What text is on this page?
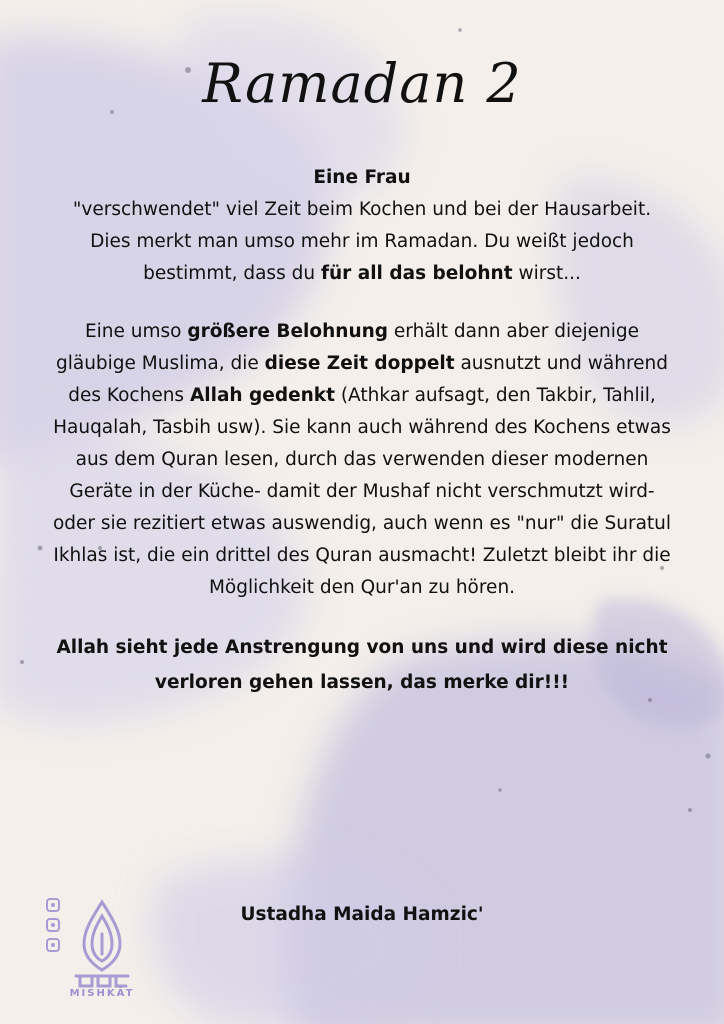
Ramadan 2

Eine Frau
"verschwendet" viel Zeit beim Kochen und bei der Hausarbeit. Dies merkt man umso mehr im Ramadan. Du weißt jedoch bestimmt, dass du für all das belohnt wirst...

Eine umso größere Belohnung erhält dann aber diejenige gläubige Muslima, die diese Zeit doppelt ausnutzt und während des Kochens Allah gedenkt (Athkar aufsagt, den Takbir, Tahlil, Hauqalah, Tasbih usw). Sie kann auch während des Kochens etwas aus dem Quran lesen, durch das verwenden dieser modernen Geräte in der Küche- damit der Mushaf nicht verschmutzt wird- oder sie rezitiert etwas auswendig, auch wenn es "nur" die Suratul Ikhlas ist, die ein drittel des Quran ausmacht! Zuletzt bleibt ihr die Möglichkeit den Qur'an zu hören.

Allah sieht jede Anstrengung von uns und wird diese nicht verloren gehen lassen, das merke dir!!!

Ustadha Maida Hamzic'
MISHKĀT
